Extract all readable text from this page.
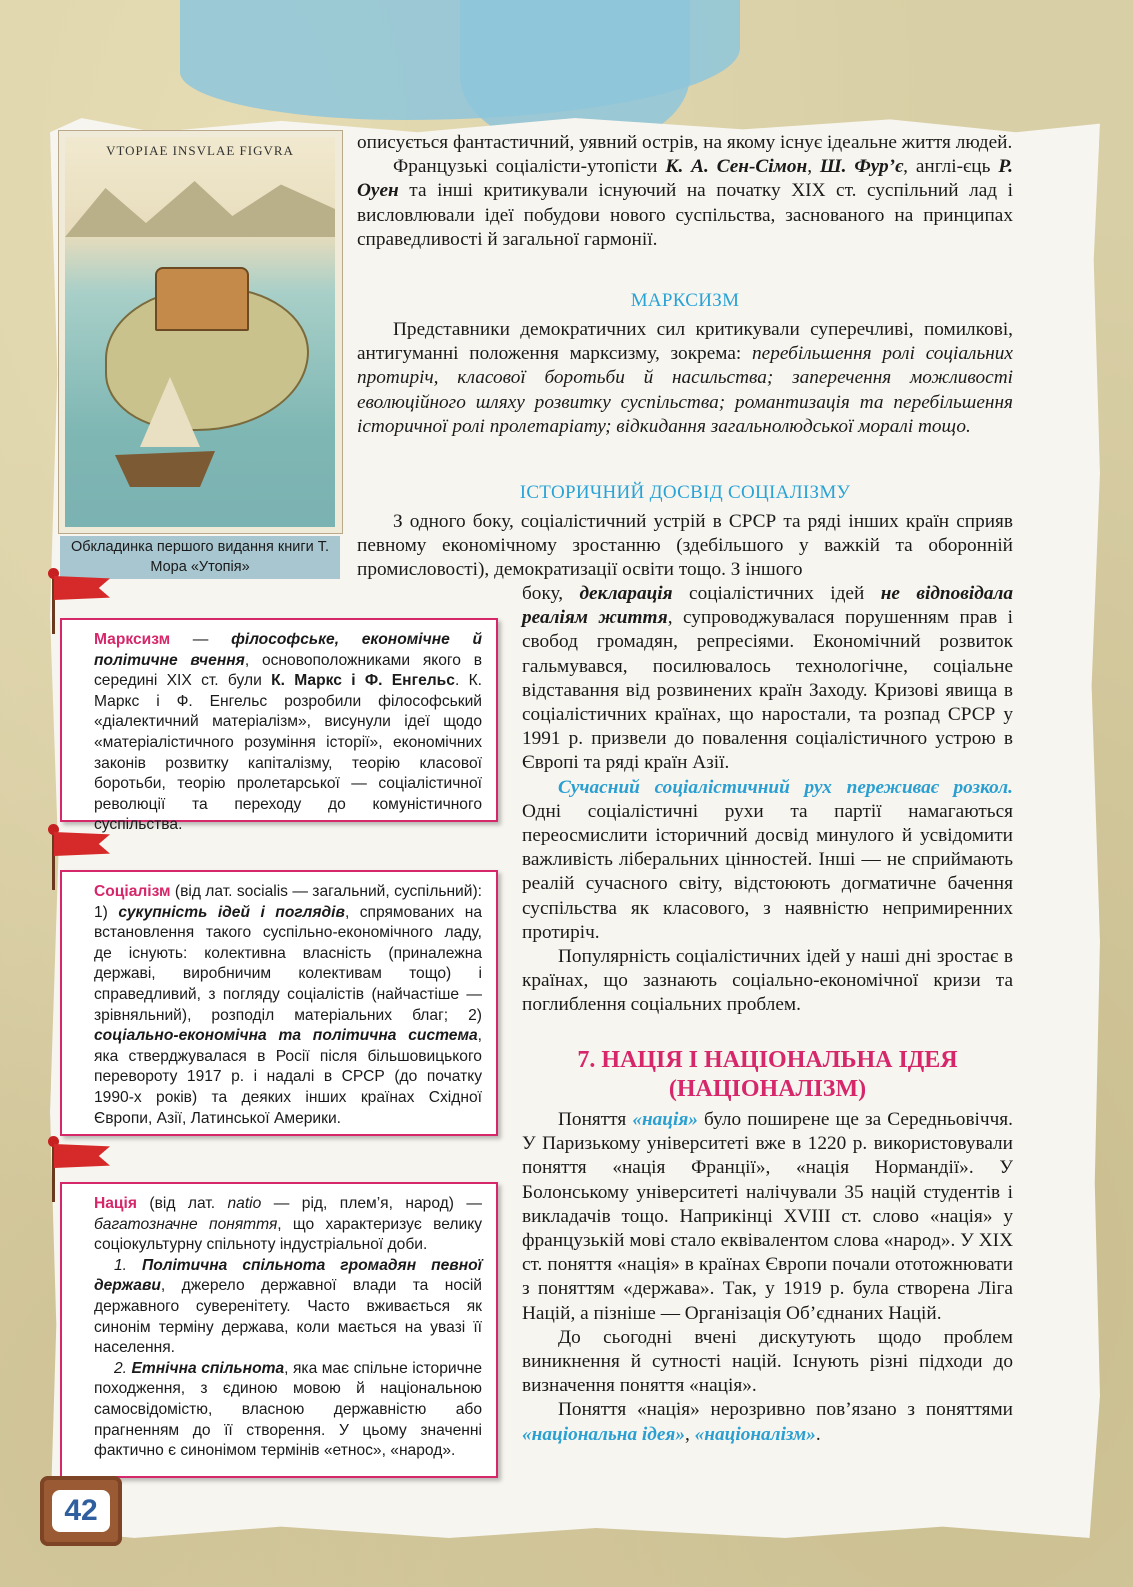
VTOPIAE INSVLAE FIGVRA
Обкладинка першого видання книги Т. Мора «Утопія»

описується фантастичний, уявний острів, на якому існує ідеальне життя людей.

Французькі соціалісти-утопісти К. А. Сен-Сімон, Ш. Фур’є, англі-єць Р. Оуен та інші критикували існуючий на початку XIX ст. суспільний лад і висловлювали ідеї побудови нового суспільства, заснованого на принципах справедливості й загальної гармонії.

МАРКСИЗМ

Представники демократичних сил критикували суперечливі, помилкові, антигуманні положення марксизму, зокрема: перебільшення ролі соціальних протиріч, класової боротьби й насильства; заперечення можливості еволюційного шляху розвитку суспільства; романтизація та перебільшення історичної ролі пролетаріату; відкидання загальнолюдської моралі тощо.

ІСТОРИЧНИЙ ДОСВІД СОЦІАЛІЗМУ

З одного боку, соціалістичний устрій в СРСР та ряді інших країн сприяв певному економічному зростанню (здебільшого у важкій та оборонній промисловості), демократизації освіти тощо. З іншого

боку, декларація соціалістичних ідей не відповідала реаліям життя, супроводжувалася порушенням прав і свобод громадян, репресіями. Економічний розвиток гальмувався, посилювалось технологічне, соціальне відставання від розвинених країн Заходу. Кризові явища в соціалістичних країнах, що наростали, та розпад СРСР у 1991 р. призвели до повалення соціалістичного устрою в Європі та ряді країн Азії.

Сучасний соціалістичний рух переживає розкол. Одні соціалістичні рухи та партії намагаються переосмислити історичний досвід минулого й усвідомити важливість ліберальних цінностей. Інші — не сприймають реалій сучасного світу, відстоюють догматичне бачення суспільства як класового, з наявністю непримиренних протиріч.

Популярність соціалістичних ідей у наші дні зростає в країнах, що зазнають соціально-економічної кризи та поглиблення соціальних проблем.

7. НАЦІЯ І НАЦІОНАЛЬНА ІДЕЯ
(НАЦІОНАЛІЗМ)

Поняття «нація» було поширене ще за Середньовіччя. У Паризькому університеті вже в 1220 р. використовували поняття «нація Франції», «нація Нормандії». У Болонському університеті налічували 35 націй студентів і викладачів тощо. Наприкінці XVIII ст. слово «нація» у французькій мові стало еквівалентом слова «народ». У XIX ст. поняття «нація» в країнах Європи почали ототожнювати з поняттям «держава». Так, у 1919 р. була створена Ліга Націй, а пізніше — Організація Об’єднаних Націй.

До сьогодні вчені дискутують щодо проблем виникнення й сутності націй. Існують різні підходи до визначення поняття «нація».

Поняття «нація» нерозривно пов’язано з поняттями «національна ідея», «націоналізм».

Марксизм — філософське, економічне й політичне вчення, основоположниками якого в середині XIX ст. були К. Маркс і Ф. Енгельс. К. Маркс і Ф. Енгельс розробили філософський «діалектичний матеріалізм», висунули ідеї щодо «матеріалістичного розуміння історії», економічних законів розвитку капіталізму, теорію класової боротьби, теорію пролетарської — соціалістичної революції та переходу до комуністичного суспільства.

Соціалізм (від лат. socialis — загальний, суспільний): 1) сукупність ідей і поглядів, спрямованих на встановлення такого суспільно-економічного ладу, де існують: колективна власність (приналежна державі, виробничим колективам тощо) і справедливий, з погляду соціалістів (найчастіше — зрівняльний), розподіл матеріальних благ; 2) соціально-економічна та політична система, яка стверджувалася в Росії після більшовицького перевороту 1917 р. і надалі в СРСР (до початку 1990-х років) та деяких інших країнах Східної Європи, Азії, Латинської Америки.

Нація (від лат. natio — рід, плем’я, народ) — багатозначне поняття, що характеризує велику соціокультурну спільноту індустріальної доби.

1. Політична спільнота громадян певної держави, джерело державної влади та носій державного суверенітету. Часто вживається як синонім терміну держава, коли мається на увазі її населення.

2. Етнічна спільнота, яка має спільне історичне походження, з єдиною мовою й національною самосвідомістю, власною державністю або прагненням до її створення. У цьому значенні фактично є синонімом термінів «етнос», «народ».

42
